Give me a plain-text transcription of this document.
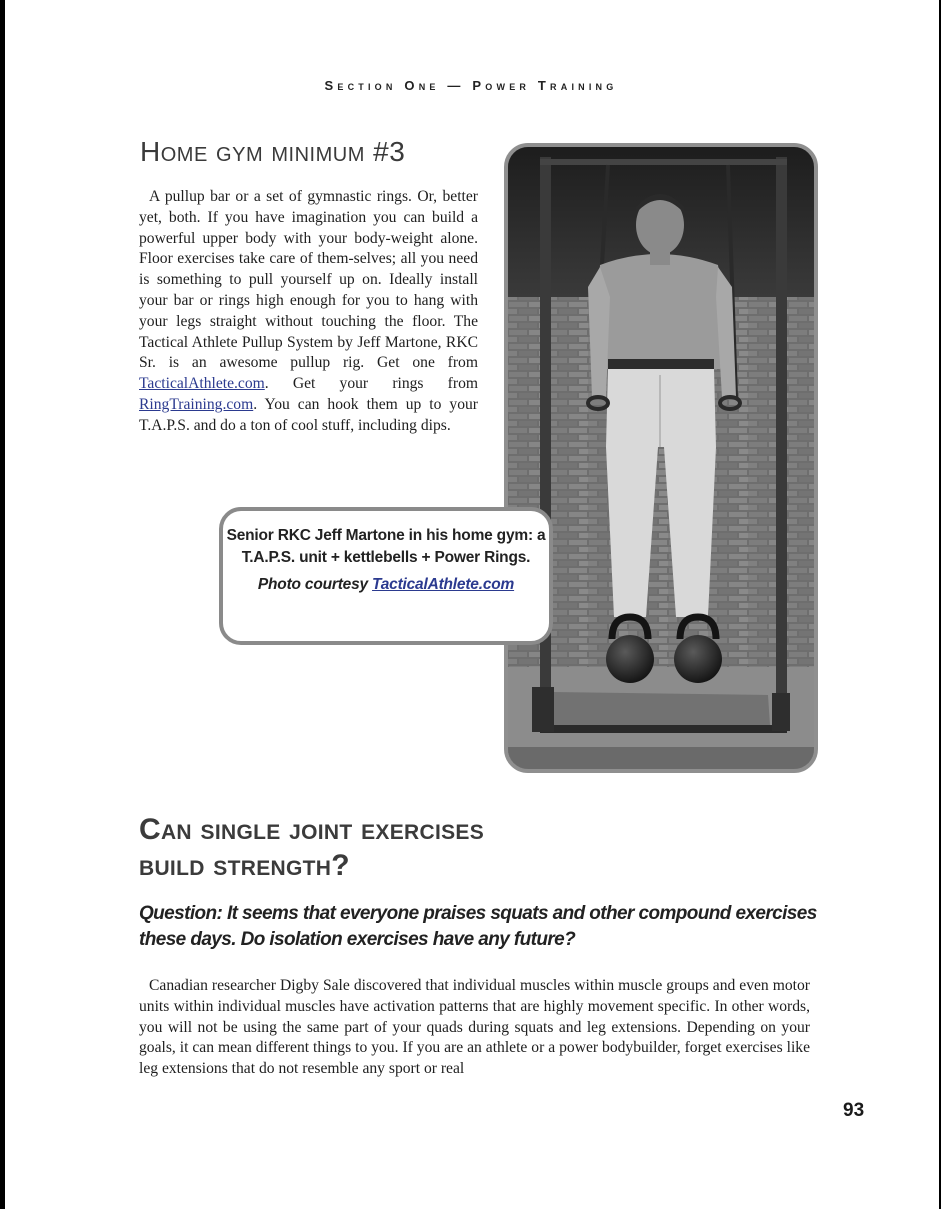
Section One — Power Training
Home gym minimum #3

A pullup bar or a set of gymnastic rings. Or, better yet, both. If you have imagination you can build a powerful upper body with your body-weight alone. Floor exercises take care of them-selves; all you need is something to pull yourself up on. Ideally install your bar or rings high enough for you to hang with your legs straight without touching the floor. The Tactical Athlete Pullup System by Jeff Martone, RKC Sr. is an awesome pullup rig. Get one from TacticalAthlete.com. Get your rings from RingTraining.com. You can hook them up to your T.A.P.S. and do a ton of cool stuff, including dips.

Senior RKC Jeff Martone in his home gym: a T.A.P.S. unit + kettlebells + Power Rings.
Photo courtesy TacticalAthlete.com
Can single joint exercises
build strength?
Question: It seems that everyone praises squats and other compound exercises these days. Do isolation exercises have any future?

Canadian researcher Digby Sale discovered that individual muscles within muscle groups and even motor units within individual muscles have activation patterns that are highly movement specific. In other words, you will not be using the same part of your quads during squats and leg extensions. Depending on your goals, it can mean different things to you. If you are an athlete or a power bodybuilder, forget exercises like leg extensions that do not resemble any sport or real

93
